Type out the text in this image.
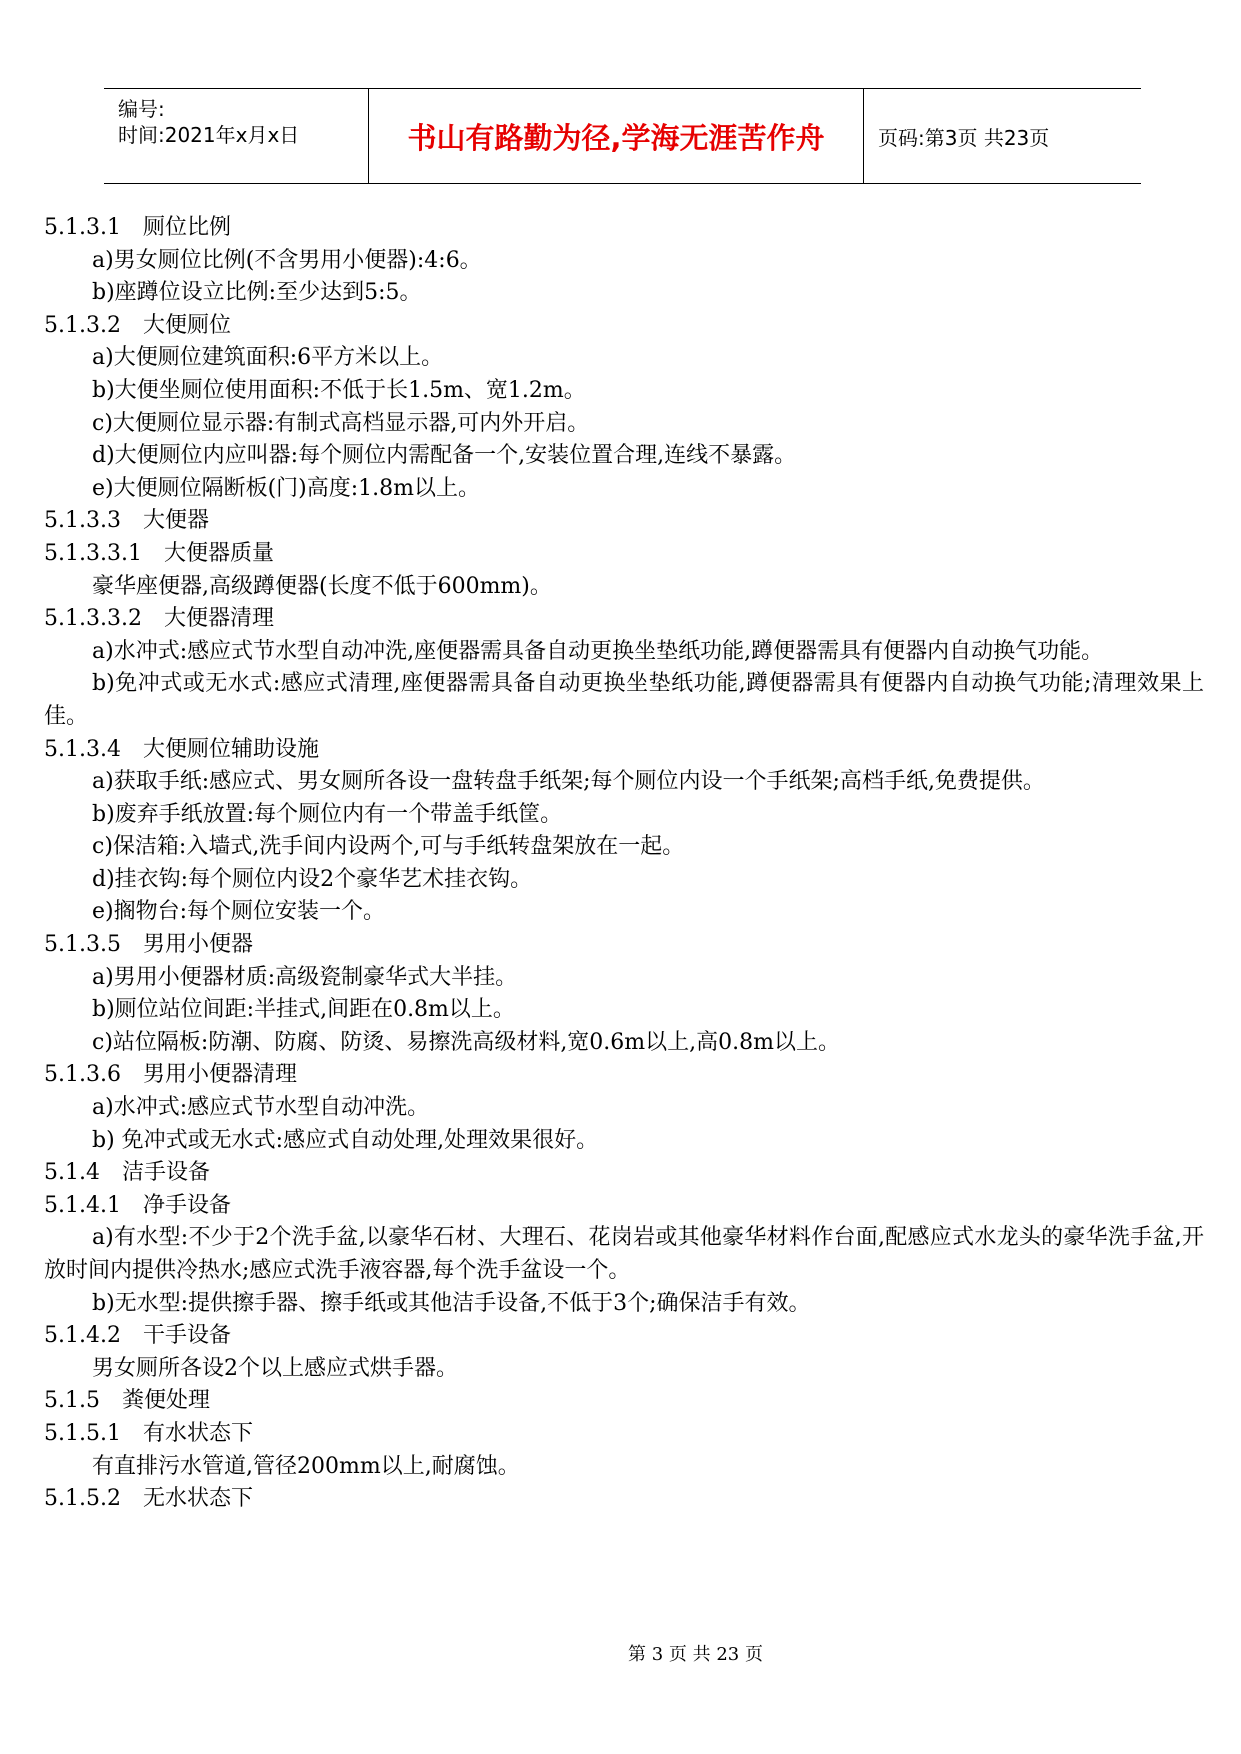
编号:
时间:2021年x月x日	书山有路勤为径,学海无涯苦作舟	页码:第3页 共23页

5.1.3.1　厕位比例

a)男女厕位比例(不含男用小便器):4:6。

b)座蹲位设立比例:至少达到5:5。

5.1.3.2　大便厕位

a)大便厕位建筑面积:6平方米以上。

b)大便坐厕位使用面积:不低于长1.5m、宽1.2m。

c)大便厕位显示器:有制式高档显示器,可内外开启。

d)大便厕位内应叫器:每个厕位内需配备一个,安装位置合理,连线不暴露。

e)大便厕位隔断板(门)高度:1.8m以上。

5.1.3.3　大便器

5.1.3.3.1　大便器质量

豪华座便器,高级蹲便器(长度不低于600mm)。

5.1.3.3.2　大便器清理

a)水冲式:感应式节水型自动冲洗,座便器需具备自动更换坐垫纸功能,蹲便器需具有便器内自动换气功能。

b)免冲式或无水式:感应式清理,座便器需具备自动更换坐垫纸功能,蹲便器需具有便器内自动换气功能;清理效果上佳。

5.1.3.4　大便厕位辅助设施

a)获取手纸:感应式、男女厕所各设一盘转盘手纸架;每个厕位内设一个手纸架;高档手纸,免费提供。

b)废弃手纸放置:每个厕位内有一个带盖手纸筐。

c)保洁箱:入墙式,洗手间内设两个,可与手纸转盘架放在一起。

d)挂衣钩:每个厕位内设2个豪华艺术挂衣钩。

e)搁物台:每个厕位安装一个。

5.1.3.5　男用小便器

a)男用小便器材质:高级瓷制豪华式大半挂。

b)厕位站位间距:半挂式,间距在0.8m以上。

c)站位隔板:防潮、防腐、防烫、易擦洗高级材料,宽0.6m以上,高0.8m以上。

5.1.3.6　男用小便器清理

a)水冲式:感应式节水型自动冲洗。

b) 免冲式或无水式:感应式自动处理,处理效果很好。

5.1.4　洁手设备

5.1.4.1　净手设备

a)有水型:不少于2个洗手盆,以豪华石材、大理石、花岗岩或其他豪华材料作台面,配感应式水龙头的豪华洗手盆,开放时间内提供冷热水;感应式洗手液容器,每个洗手盆设一个。

b)无水型:提供擦手器、擦手纸或其他洁手设备,不低于3个;确保洁手有效。

5.1.4.2　干手设备

男女厕所各设2个以上感应式烘手器。

5.1.5　粪便处理

5.1.5.1　有水状态下

有直排污水管道,管径200mm以上,耐腐蚀。

5.1.5.2　无水状态下

第 3 页 共 23 页
